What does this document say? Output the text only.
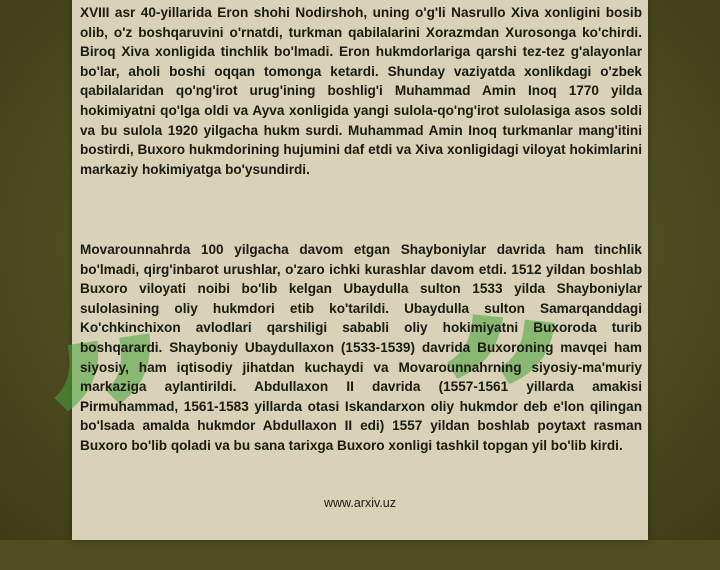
” ”

XVIII asr 40-yillarida Eron shohi Nodirshoh, uning o'g'li Nasrullo Xiva xonligini bosib olib, o'z boshqaruvini o'rnatdi, turkman qabilalarini Xorazmdan Xurosonga ko'chirdi. Biroq Xiva xonligida tinchlik bo'lmadi. Eron hukmdorlariga qarshi tez-tez g'alayonlar bo'lar, aholi boshi oqqan tomonga ketardi. Shunday vaziyatda xonlikdagi o'zbek qabilalaridan qo'ng'irot urug'ining boshlig'i Muhammad Amin Inoq 1770 yilda hokimiyatni qo'lga oldi va Ayva xonligida yangi sulola-qo'ng'irot sulolasiga asos soldi va bu sulola 1920 yilgacha hukm surdi. Muhammad Amin Inoq turkmanlar mang'itini bostirdi, Buxoro hukmdorining hujumini daf etdi va Xiva xonligidagi viloyat hokimlarini markaziy hokimiyatga bo'ysundirdi.

Movarounnahrda 100 yilgacha davom etgan Shayboniylar davrida ham tinchlik bo'lmadi, qirg'inbarot urushlar, o'zaro ichki kurashlar davom etdi. 1512 yildan boshlab Buxoro viloyati noibi bo'lib kelgan Ubaydulla sulton 1533 yilda Shayboniylar sulolasining oliy hukmdori etib ko'tarildi. Ubaydulla sulton Samarqanddagi Ko'chkinchixon avlodlari qarshiligi sababli oliy hokimiyatni Buxoroda turib boshqarardi. Shayboniy Ubaydullaxon (1533-1539) davrida Buxoroning mavqei ham siyosiy, ham iqtisodiy jihatdan kuchaydi va Movarounnahrning siyosiy-ma'muriy markaziga aylantirildi. Abdullaxon II davrida (1557-1561 yillarda amakisi Pirmuhammad, 1561-1583 yillarda otasi Iskandarxon oliy hukmdor deb e'lon qilingan bo'lsada amalda hukmdor Abdullaxon II edi) 1557 yildan boshlab poytaxt rasman Buxoro bo'lib qoladi va bu sana tarixga Buxoro xonligi tashkil topgan yil bo'lib kirdi.

www.arxiv.uz
